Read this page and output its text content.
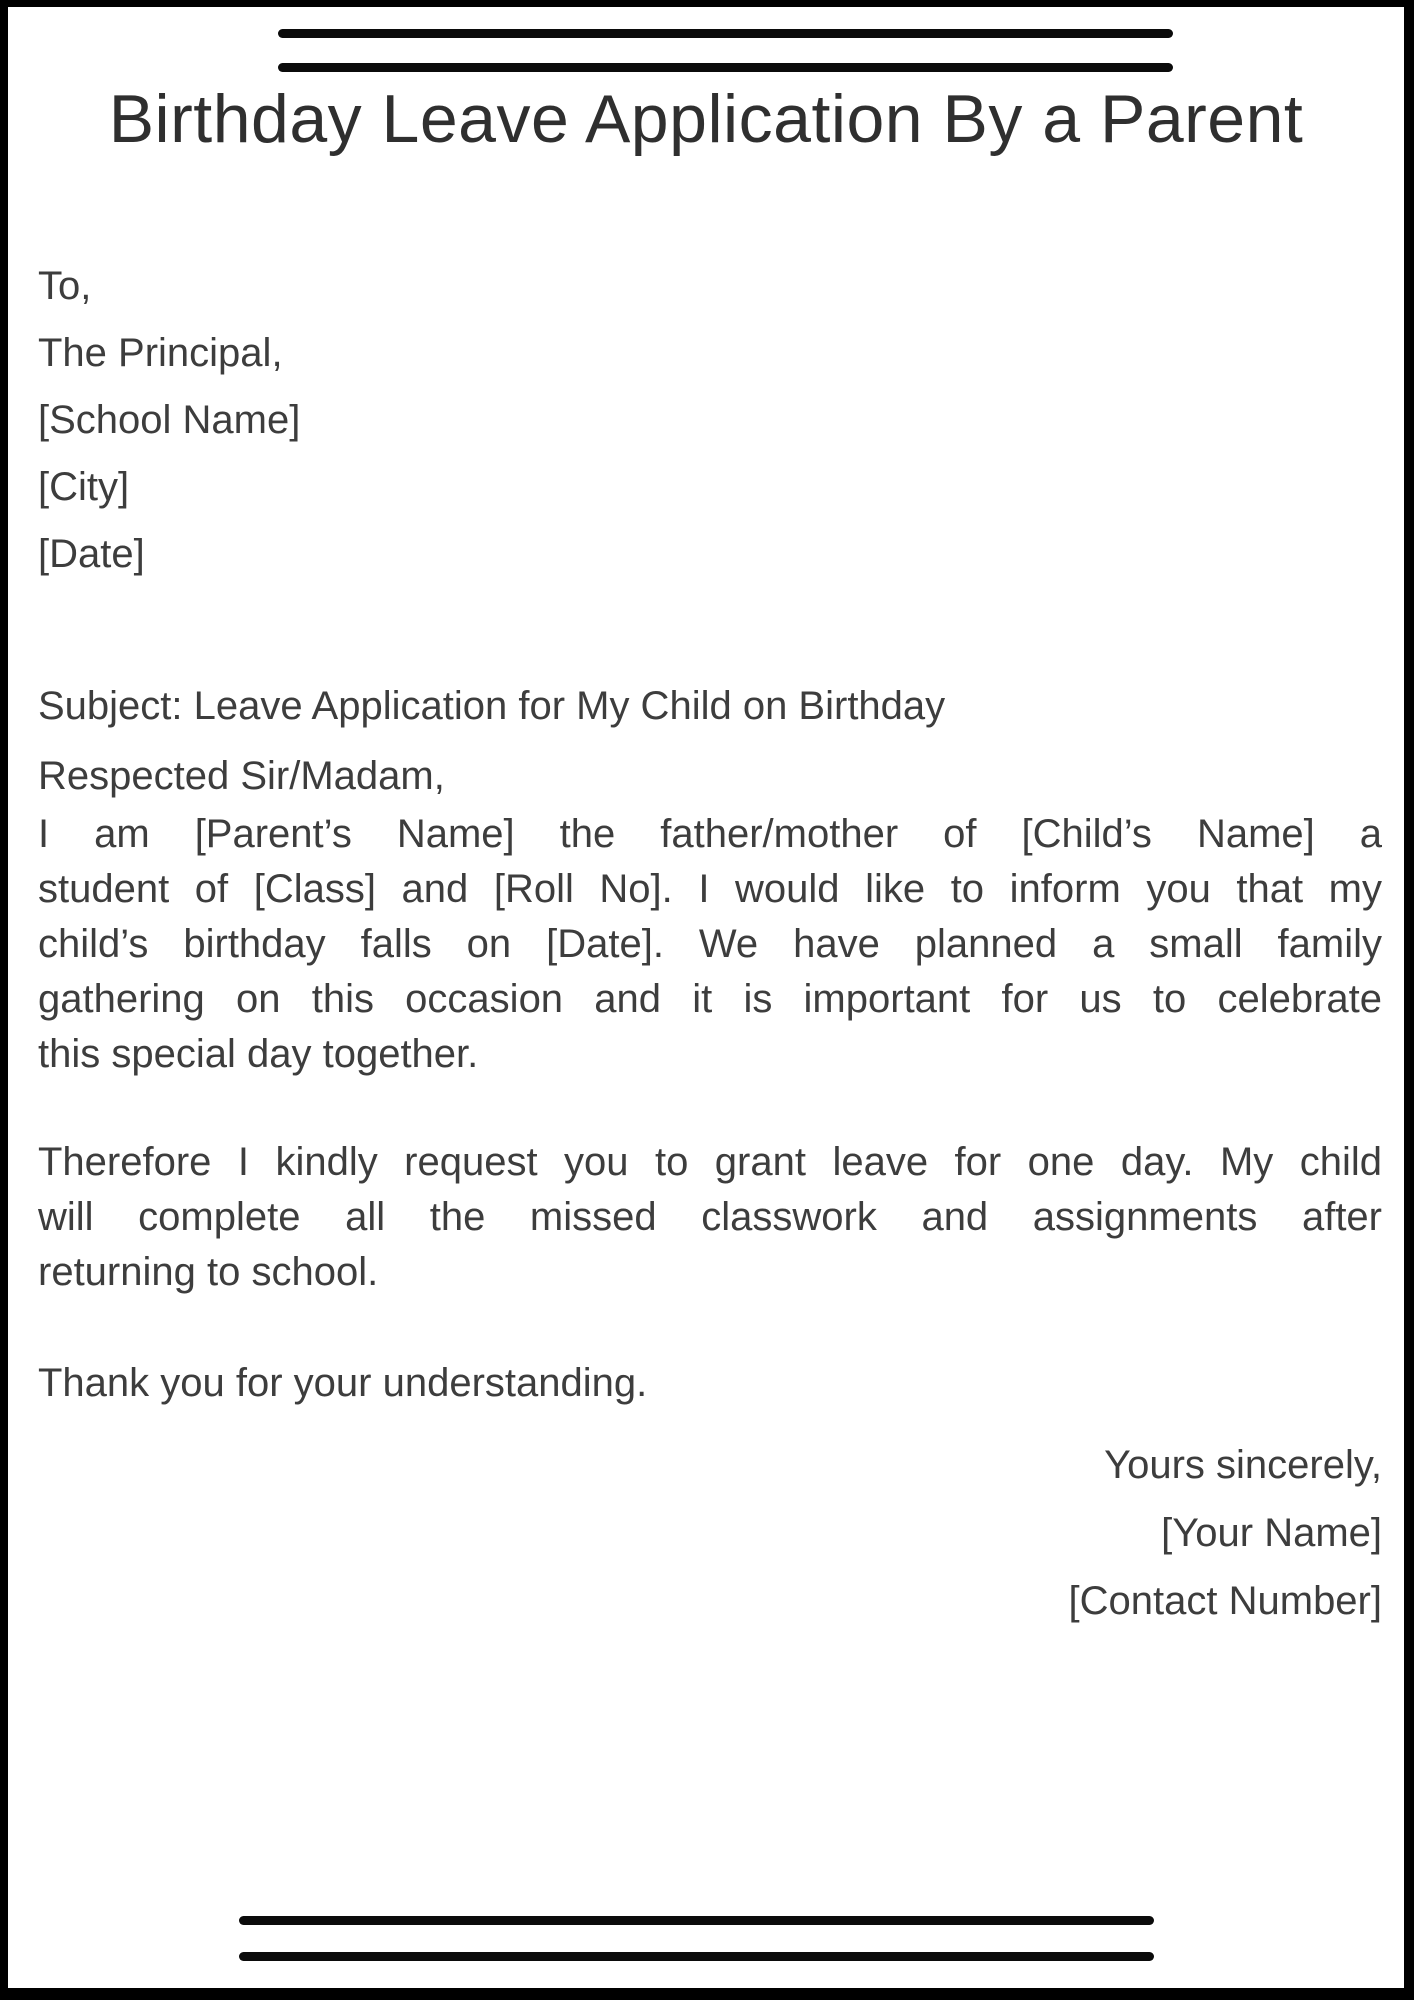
Birthday Leave Application By a Parent

To,

The Principal,

[School Name]

[City]

[Date]

Subject: Leave Application for My Child on Birthday
Respected Sir/Madam,
I am [Parent’s Name] the father/mother of [Child’s Name] a
student of [Class] and [Roll No]. I would like to inform you that my
child’s birthday falls on [Date]. We have planned a small family
gathering on this occasion and it is important for us to celebrate
this special day together.
Therefore I kindly request you to grant leave for one day. My child
will complete all the missed classwork and assignments after
returning to school.
Thank you for your understanding.

Yours sincerely,

[Your Name]

[Contact Number]
